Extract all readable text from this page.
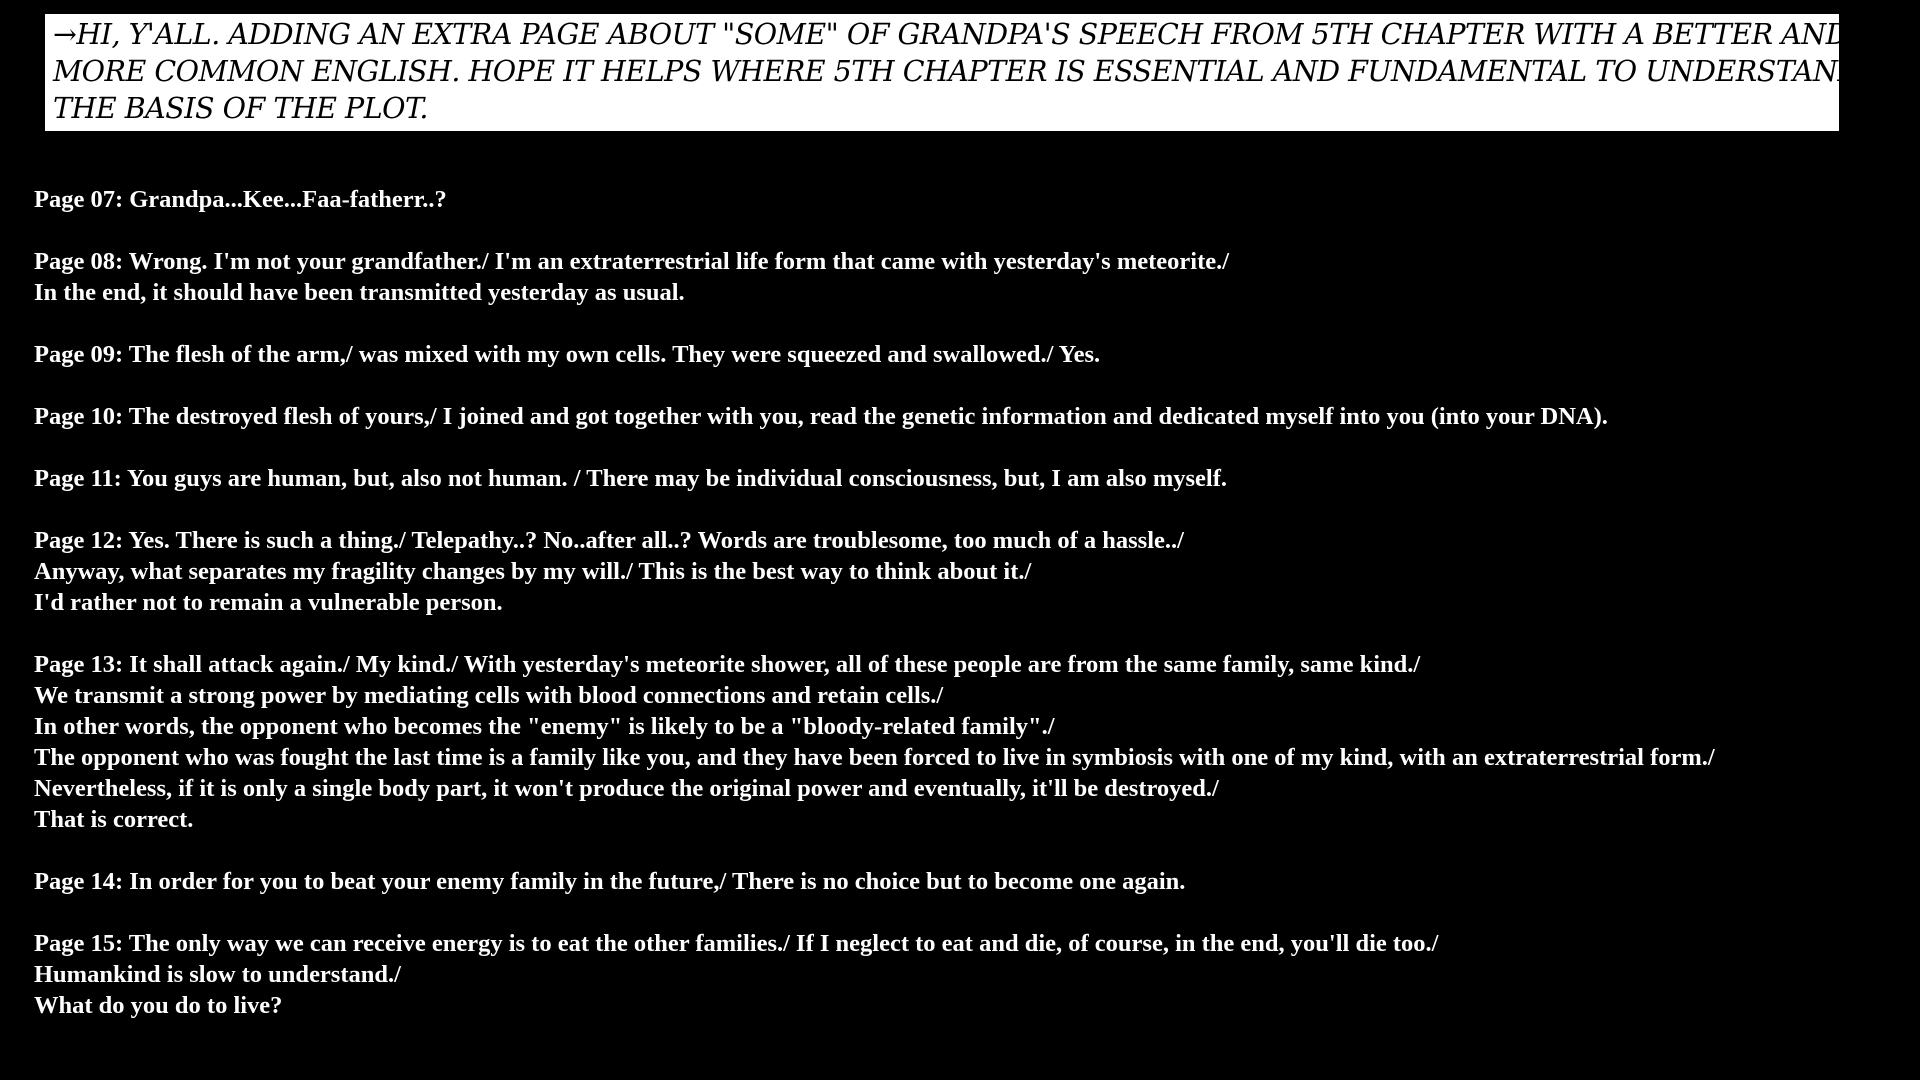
→HI, Y'ALL. ADDING AN EXTRA PAGE ABOUT "SOME" OF GRANDPA'S SPEECH FROM 5TH CHAPTER WITH A BETTER AND
MORE COMMON ENGLISH. HOPE IT HELPS WHERE 5TH CHAPTER IS ESSENTIAL AND FUNDAMENTAL TO UNDERSTAND
THE BASIS OF THE PLOT.
Page 07: Grandpa...Kee...Faa-fatherr..?
Page 08: Wrong. I'm not your grandfather./ I'm an extraterrestrial life form that came with yesterday's meteorite./
In the end, it should have been transmitted yesterday as usual.
Page 09: The flesh of the arm,/ was mixed with my own cells. They were squeezed and swallowed./ Yes.
Page 10: The destroyed flesh of yours,/ I joined and got together with you, read the genetic information and dedicated myself into you (into your DNA).
Page 11: You guys are human, but, also not human. / There may be individual consciousness, but, I am also myself.
Page 12: Yes. There is such a thing./ Telepathy..? No..after all..? Words are troublesome, too much of a hassle../
Anyway, what separates my fragility changes by my will./ This is the best way to think about it./
I'd rather not to remain a vulnerable person.
Page 13: It shall attack again./ My kind./ With yesterday's meteorite shower, all of these people are from the same family, same kind./
We transmit a strong power by mediating cells with blood connections and retain cells./
In other words, the opponent who becomes the "enemy" is likely to be a "bloody-related family"./
The opponent who was fought the last time is a family like you, and they have been forced to live in symbiosis with one of my kind, with an extraterrestrial form./
Nevertheless, if it is only a single body part, it won't produce the original power and eventually, it'll be destroyed./
That is correct.
Page 14: In order for you to beat your enemy family in the future,/ There is no choice but to become one again.
Page 15: The only way we can receive energy is to eat the other families./ If I neglect to eat and die, of course, in the end, you'll die too./
Humankind is slow to understand./
What do you do to live?
